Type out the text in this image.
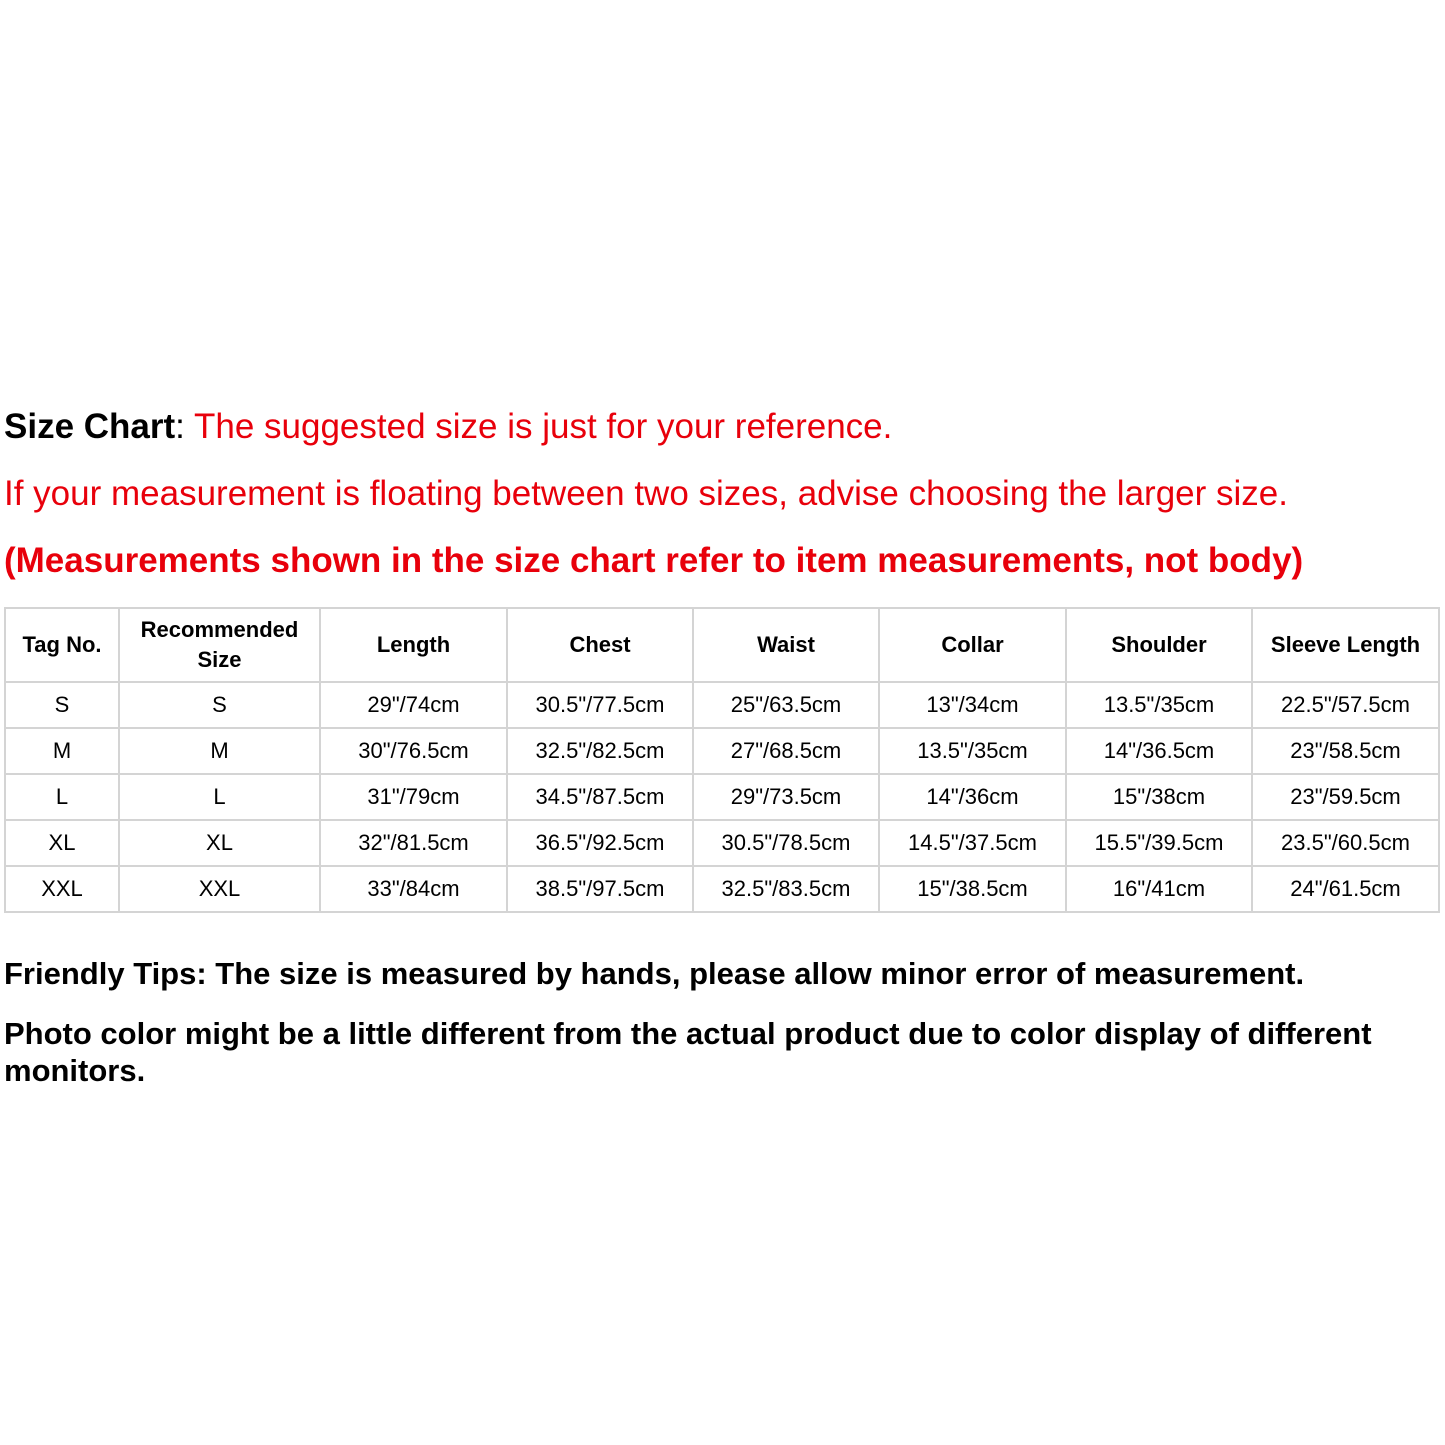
Size Chart: The suggested size is just for your reference.
If your measurement is floating between two sizes, advise choosing the larger size.
(Measurements shown in the size chart refer to item measurements, not body)
Tag No.	Recommended Size	Length	Chest	Waist	Collar	Shoulder	Sleeve Length
S	S	29"/74cm	30.5"/77.5cm	25"/63.5cm	13"/34cm	13.5"/35cm	22.5"/57.5cm
M	M	30"/76.5cm	32.5"/82.5cm	27"/68.5cm	13.5"/35cm	14"/36.5cm	23"/58.5cm
L	L	31"/79cm	34.5"/87.5cm	29"/73.5cm	14"/36cm	15"/38cm	23"/59.5cm
XL	XL	32"/81.5cm	36.5"/92.5cm	30.5"/78.5cm	14.5"/37.5cm	15.5"/39.5cm	23.5"/60.5cm
XXL	XXL	33"/84cm	38.5"/97.5cm	32.5"/83.5cm	15"/38.5cm	16"/41cm	24"/61.5cm
Friendly Tips: The size is measured by hands, please allow minor error of measurement.
Photo color might be a little different from the actual product due to color display of different monitors.
